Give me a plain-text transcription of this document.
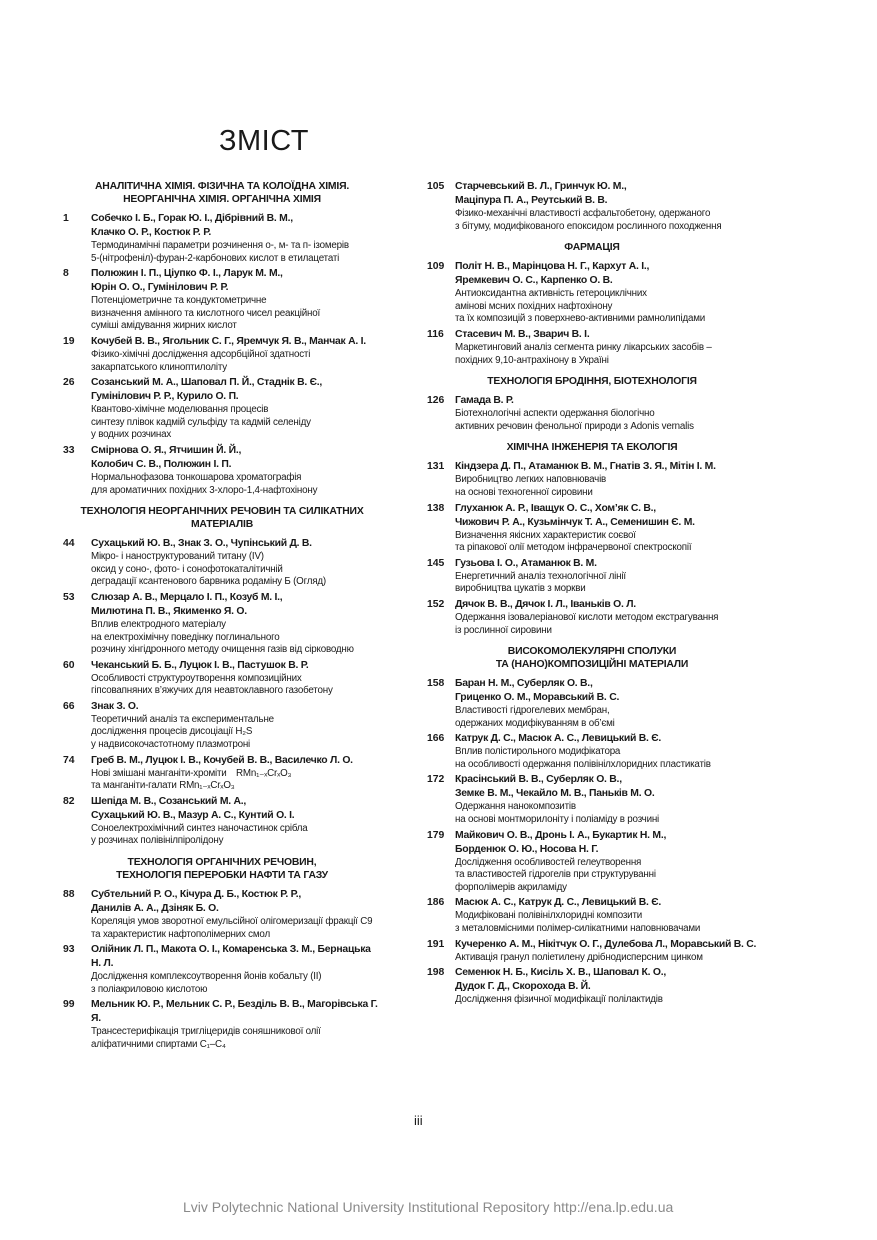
ЗМІСТ
АНАЛІТИЧНА ХІМІЯ. ФІЗИЧНА ТА КОЛОЇДНА ХІМІЯ.
НЕОРГАНІЧНА ХІМІЯ. ОРГАНІЧНА ХІМІЯ
1	Собечко І. Б., Горак Ю. І., Дібрівний В. М.,
Клачко О. Р., Костюк Р. Р.
Термодинамічні параметри розчинення о-, м- та п- ізомерів
5-(нітрофеніл)-фуран-2-карбонових кислот в етилацетаті
8	Полюжин І. П., Ціупко Ф. І., Ларук М. М.,
Юрін О. О., Гумінілович Р. Р.
Потенціометричне та кондуктометричне
визначення амінного та кислотного чисел реакційної
суміші амідування жирних кислот
19	Кочубей В. В., Ягольник С. Г., Яремчук Я. В., Манчак А. І.
Фізико-хімічні дослідження адсорбційної здатності
закарпатського клиноптилоліту
26	Созанський М. А., Шаповал П. Й., Стаднік В. Є.,
Гумінілович Р. Р., Курило О. П.
Квантово-хімічне моделювання процесів
синтезу плівок кадмій сульфіду та кадмій селеніду
у водних розчинах
33	Смірнова О. Я., Ятчишин Й. Й.,
Колобич С. В., Полюжин І. П.
Нормальнофазова тонкошарова хроматографія
для ароматичних похідних 3-хлоро-1,4-нафтохінону
ТЕХНОЛОГІЯ НЕОРГАНІЧНИХ РЕЧОВИН ТА СИЛІКАТНИХ МАТЕРІАЛІВ
44	Сухацький Ю. В., Знак З. О., Чупінський Д. В.
Мікро- і наноструктурований титану (IV)
оксид у соно-, фото- і сонофотокаталітичній
деградації ксантенового барвника родаміну Б (Огляд)
53	Слюзар А. В., Мерцало І. П., Козуб М. І.,
Милютина П. В., Якименко Я. О.
Вплив електродного матеріалу
на електрохімічну поведінку поглинального
розчину хінгідронного методу очищення газів від сірководню
60	Чеканський Б. Б., Луцюк І. В., Пастушок В. Р.
Особливості структуроутворення композиційних
гіпсовапняних в’яжучих для неавтоклавного газобетону
66	Знак З. О.
Теоретичний аналіз та експериментальне
дослідження процесів дисоціації H₂S
у надвисокочастотному плазмотроні
74	Греб В. М., Луцюк І. В., Кочубей В. В., Василечко Л. О.
Нові змішані манганіти-хромітиᅠRMn₁₋ₓCrₓO₃
та манганіти-галати RMn₁₋ₓCrₓO₃
82	Шепіда М. В., Созанський М. А.,
Сухацький Ю. В., Мазур А. С., Кунтий О. І.
Соноелектрохімічний синтез наночастинок срібла
у розчинах полівінілпіролідону
ТЕХНОЛОГІЯ ОРГАНІЧНИХ РЕЧОВИН,
ТЕХНОЛОГІЯ ПЕРЕРОБКИ НАФТИ ТА ГАЗУ
88	Субтельний Р. О., Кічура Д. Б., Костюк Р. Р.,
Данилів А. А., Дзіняк Б. О.
Кореляція умов зворотної емульсійної олігомеризації фракції С9
та характеристик нафтополімерних смол
93	Олійник Л. П., Макота О. І., Комаренська З. М., Бернацька Н. Л.
Дослідження комплексоутворення йонів кобальту (II)
з поліакриловою кислотою
99	Мельник Ю. Р., Мельник С. Р., Безділь В. В., Магорівська Г. Я.
Трансестерифікація тригліцеридів соняшникової олії
аліфатичними спиртами C₁–C₄
105	Старчевський В. Л., Гринчук Ю. М.,
Маціпура П. А., Реутський В. В.
Фізико-механічні властивості асфальтобетону, одержаного
з бітуму, модифікованого епоксидом рослинного походження
ФАРМАЦІЯ
109	Політ Н. В., Марінцова Н. Г., Кархут А. І.,
Яремкевич О. С., Карпенко О. В.
Антиоксидантна активність гетероциклічних
амінові мсних похідних нафтохінону
та їх композицій з поверхнево-активними рамнолипідами
116	Стасевич М. В., Зварич В. І.
Маркетинговий аналіз сегмента ринку лікарських засобів –
похідних 9,10-антрахінону в Україні
ТЕХНОЛОГІЯ БРОДІННЯ, БІОТЕХНОЛОГІЯ
126	Гамада В. Р.
Біотехнологічні аспекти одержання біологічно
активних речовин фенольної природи з Adonis vernalis
ХІМІЧНА ІНЖЕНЕРІЯ ТА ЕКОЛОГІЯ
131	Кіндзера Д. П., Атаманюк В. М., Гнатів З. Я., Мітін І. М.
Виробництво легких наповнювачів
на основі техногенної сировини
138	Глуханюк А. Р., Іващук О. С., Хом’як С. В.,
Чижович Р. А., Кузьмінчук Т. А., Семенишин Є. М.
Визначення якісних характеристик соєвої
та ріпакової олії методом інфрачервоної спектроскопії
145	Гузьова І. О., Атаманюк В. М.
Енергетичний аналіз технологічної лінії
виробництва цукатів з моркви
152	Дячок В. В., Дячок І. Л., Іваньків О. Л.
Одержання ізовалеріанової кислоти методом екстрагування
із рослинної сировини
ВИСОКОМОЛЕКУЛЯРНІ СПОЛУКИ
ТА (НАНО)КОМПОЗИЦІЙНІ МАТЕРІАЛИ
158	Баран Н. М., Суберляк О. В.,
Гриценко О. М., Моравський В. С.
Властивості гідрогелевих мембран,
одержаних модифікуванням в об’ємі
166	Катрук Д. С., Масюк А. С., Левицький В. Є.
Вплив полістирольного модифікатора
на особливості одержання полівінілхлоридних пластикатів
172	Красінський В. В., Суберляк О. В.,
Земке В. М., Чекайло М. В., Паньків М. О.
Одержання нанокомпозитів
на основі монтморилоніту і поліаміду в розчині
179	Майкович О. В., Дронь І. А., Букартик Н. М.,
Борденюк О. Ю., Носова Н. Г.
Дослідження особливостей гелеутворення
та властивостей гідрогелів при структуруванні
форполімерів акриламіду
186	Масюк А. С., Катрук Д. С., Левицький В. Є.
Модифіковані полівінілхлоридні композити
з металовмісними полімер-силікатними наповнювачами
191	Кучеренко А. М., Нікітчук О. Г., Дулебова Л., Моравський В. С.
Активація гранул поліетилену дрібнодисперсним цинком
198	Семенюк Н. Б., Кисіль Х. В., Шаповал К. О.,
Дудок Г. Д., Скорохода В. Й.
Дослідження фізичної модифікації полілактидів
iii
Lviv Polytechnic National University Institutional Repository http://ena.lp.edu.ua
